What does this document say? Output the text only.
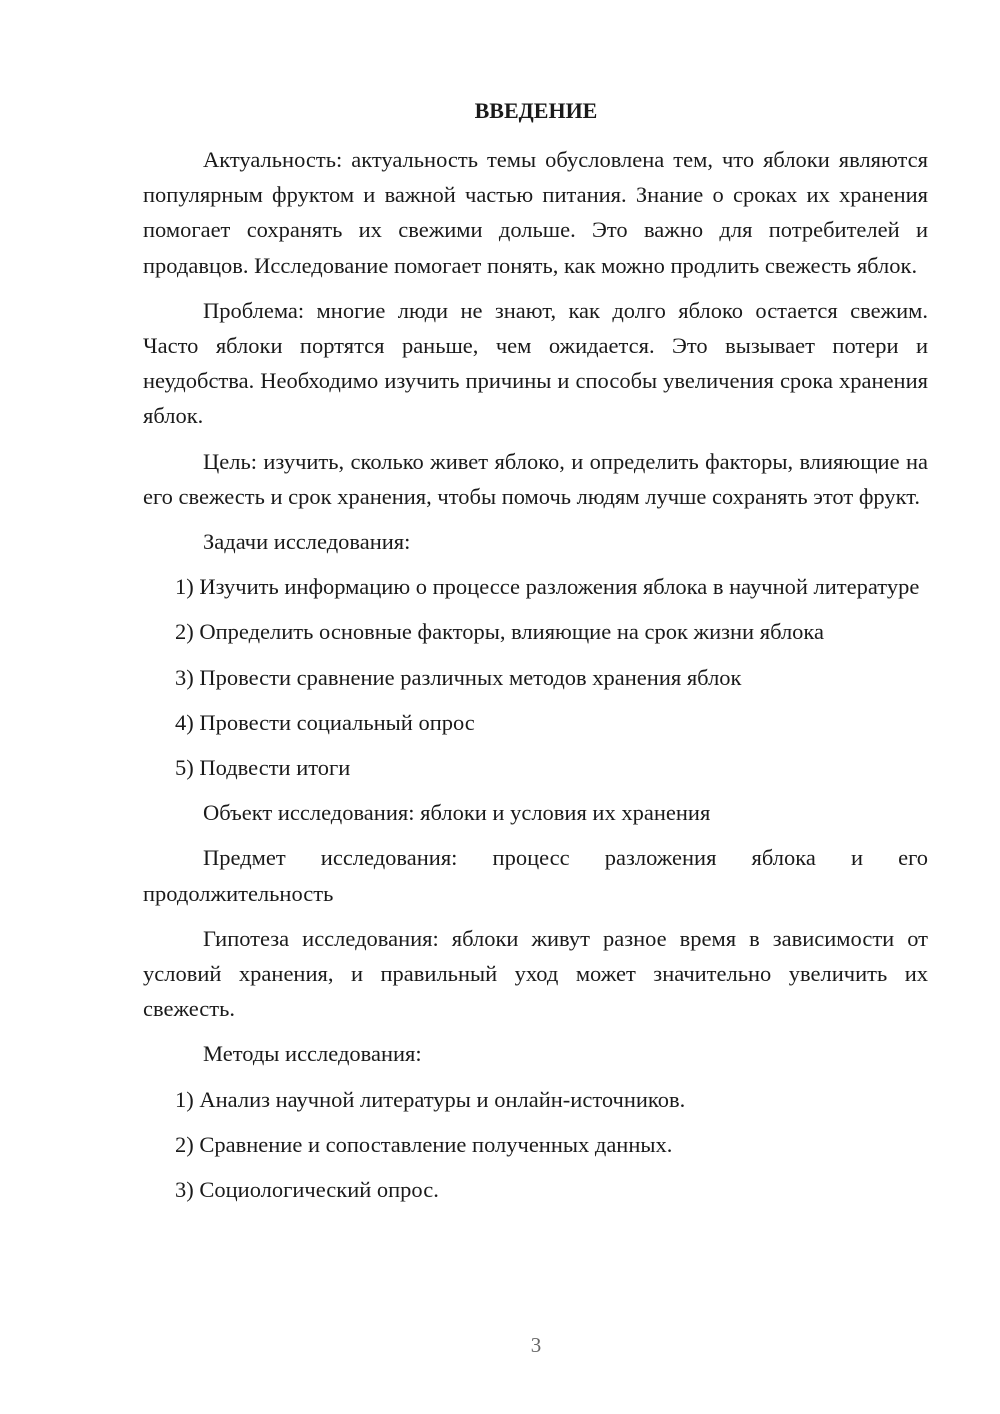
ВВЕДЕНИЕ

Актуальность: актуальность темы обусловлена тем, что яблоки являются популярным фруктом и важной частью питания. Знание о сроках их хранения помогает сохранять их свежими дольше. Это важно для потребителей и продавцов. Исследование помогает понять, как можно продлить свежесть яблок.

Проблема: многие люди не знают, как долго яблоко остается свежим. Часто яблоки портятся раньше, чем ожидается. Это вызывает потери и неудобства. Необходимо изучить причины и способы увеличения срока хранения яблок.

Цель: изучить, сколько живет яблоко, и определить факторы, влияющие на его свежесть и срок хранения, чтобы помочь людям лучше сохранять этот фрукт.

Задачи исследования:

1) Изучить информацию о процессе разложения яблока в научной литературе

2) Определить основные факторы, влияющие на срок жизни яблока

3) Провести сравнение различных методов хранения яблок

4) Провести социальный опрос

5) Подвести итоги

Объект исследования: яблоки и условия их хранения

Предмет исследования: процесс разложения яблока и его продолжительность

Гипотеза исследования: яблоки живут разное время в зависимости от условий хранения, и правильный уход может значительно увеличить их свежесть.

Методы исследования:

1) Анализ научной литературы и онлайн-источников.

2) Сравнение и сопоставление полученных данных.

3) Социологический опрос.

3
